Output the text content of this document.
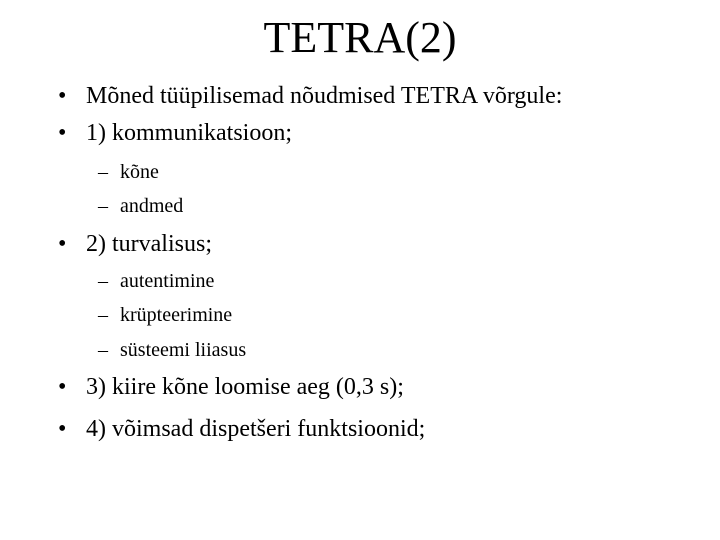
TETRA(2)
• Mõned tüüpilisemad nõudmised TETRA võrgule:
• 1) kommunikatsioon;
– kõne
– andmed
• 2) turvalisus;
– autentimine
– krüpteerimine
– süsteemi liiasus
• 3) kiire kõne loomise aeg (0,3 s);
• 4) võimsad dispetšeri funktsioonid;
